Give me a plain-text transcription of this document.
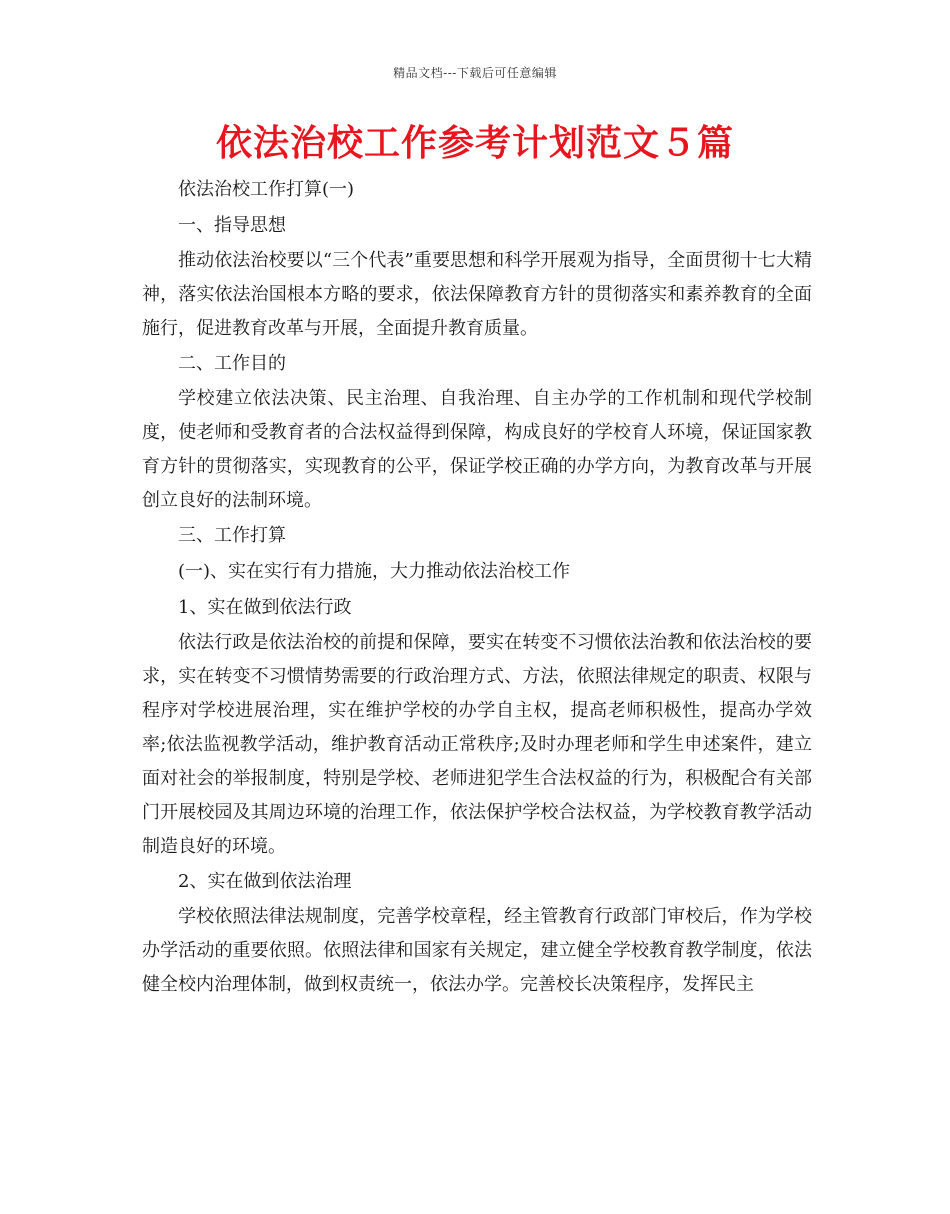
精品文档---下载后可任意编辑
依法治校工作参考计划范文５篇

依法治校工作打算(一)

一、指导思想

推动依法治校要以“三个代表”重要思想和科学开展观为指导，全面贯彻十七大精神，落实依法治国根本方略的要求，依法保障教育方针的贯彻落实和素养教育的全面施行，促进教育改革与开展，全面提升教育质量。

二、工作目的

学校建立依法决策、民主治理、自我治理、自主办学的工作机制和现代学校制度，使老师和受教育者的合法权益得到保障，构成良好的学校育人环境，保证国家教育方针的贯彻落实，实现教育的公平，保证学校正确的办学方向，为教育改革与开展创立良好的法制环境。

三、工作打算

(一)、实在实行有力措施，大力推动依法治校工作

1、实在做到依法行政

依法行政是依法治校的前提和保障，要实在转变不习惯依法治教和依法治校的要求，实在转变不习惯情势需要的行政治理方式、方法，依照法律规定的职责、权限与程序对学校进展治理，实在维护学校的办学自主权，提高老师积极性，提高办学效率;依法监视教学活动，维护教育活动正常秩序;及时办理老师和学生申述案件，建立面对社会的举报制度，特别是学校、老师进犯学生合法权益的行为，积极配合有关部门开展校园及其周边环境的治理工作，依法保护学校合法权益，为学校教育教学活动制造良好的环境。

2、实在做到依法治理

学校依照法律法规制度，完善学校章程，经主管教育行政部门审校后，作为学校办学活动的重要依照。依照法律和国家有关规定，建立健全学校教育教学制度，依法健全校内治理体制，做到权责统一，依法办学。完善校长决策程序，发挥民主
